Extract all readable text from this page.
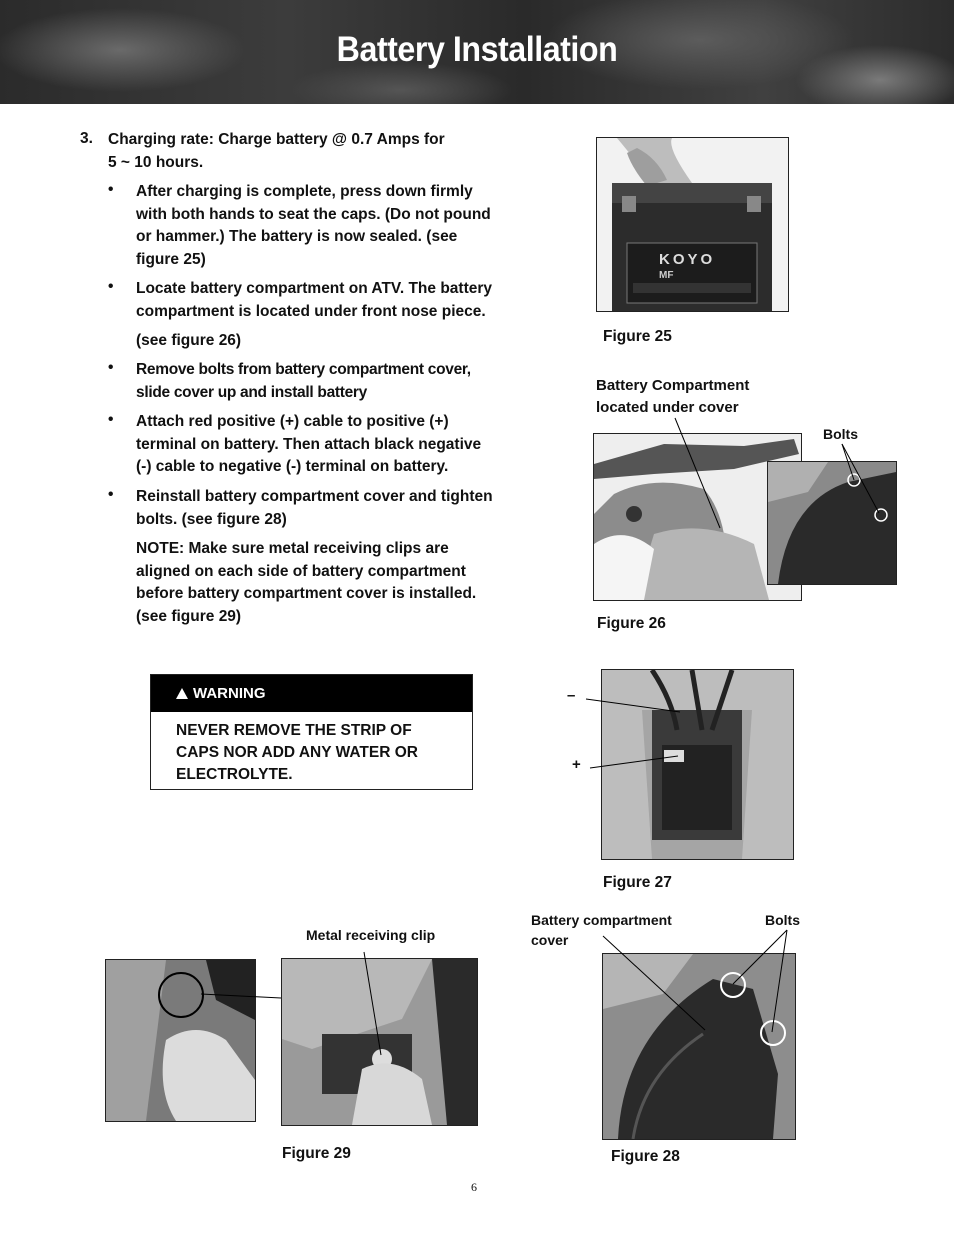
Battery Installation
3. Charging rate: Charge battery @ 0.7 Amps for
5 ~ 10 hours.
• After charging is complete, press down firmly
with both hands to seat the caps. (Do not pound
or hammer.) The battery is now sealed. (see
figure 25)
• Locate battery compartment on ATV. The battery
compartment is located under front nose piece.
(see figure 26)
• Remove bolts from battery compartment cover,
slide cover up and install battery
• Attach red positive (+) cable to positive (+)
terminal on battery. Then attach black negative
(-) cable to negative (-) terminal on battery.
• Reinstall battery compartment cover and tighten
bolts. (see figure 28)
NOTE: Make sure metal receiving clips are
aligned on each side of battery compartment
before battery compartment cover is installed.
(see figure 29)
WARNING
NEVER REMOVE THE STRIP OF
CAPS NOR ADD ANY WATER OR
ELECTROLYTE.
KOYO
MF
Figure 25
Battery Compartment
located under cover
Bolts
Figure 26
–
+
Figure 27
Battery compartment
cover
Bolts
Figure 28
Metal receiving clip
Figure 29
6
